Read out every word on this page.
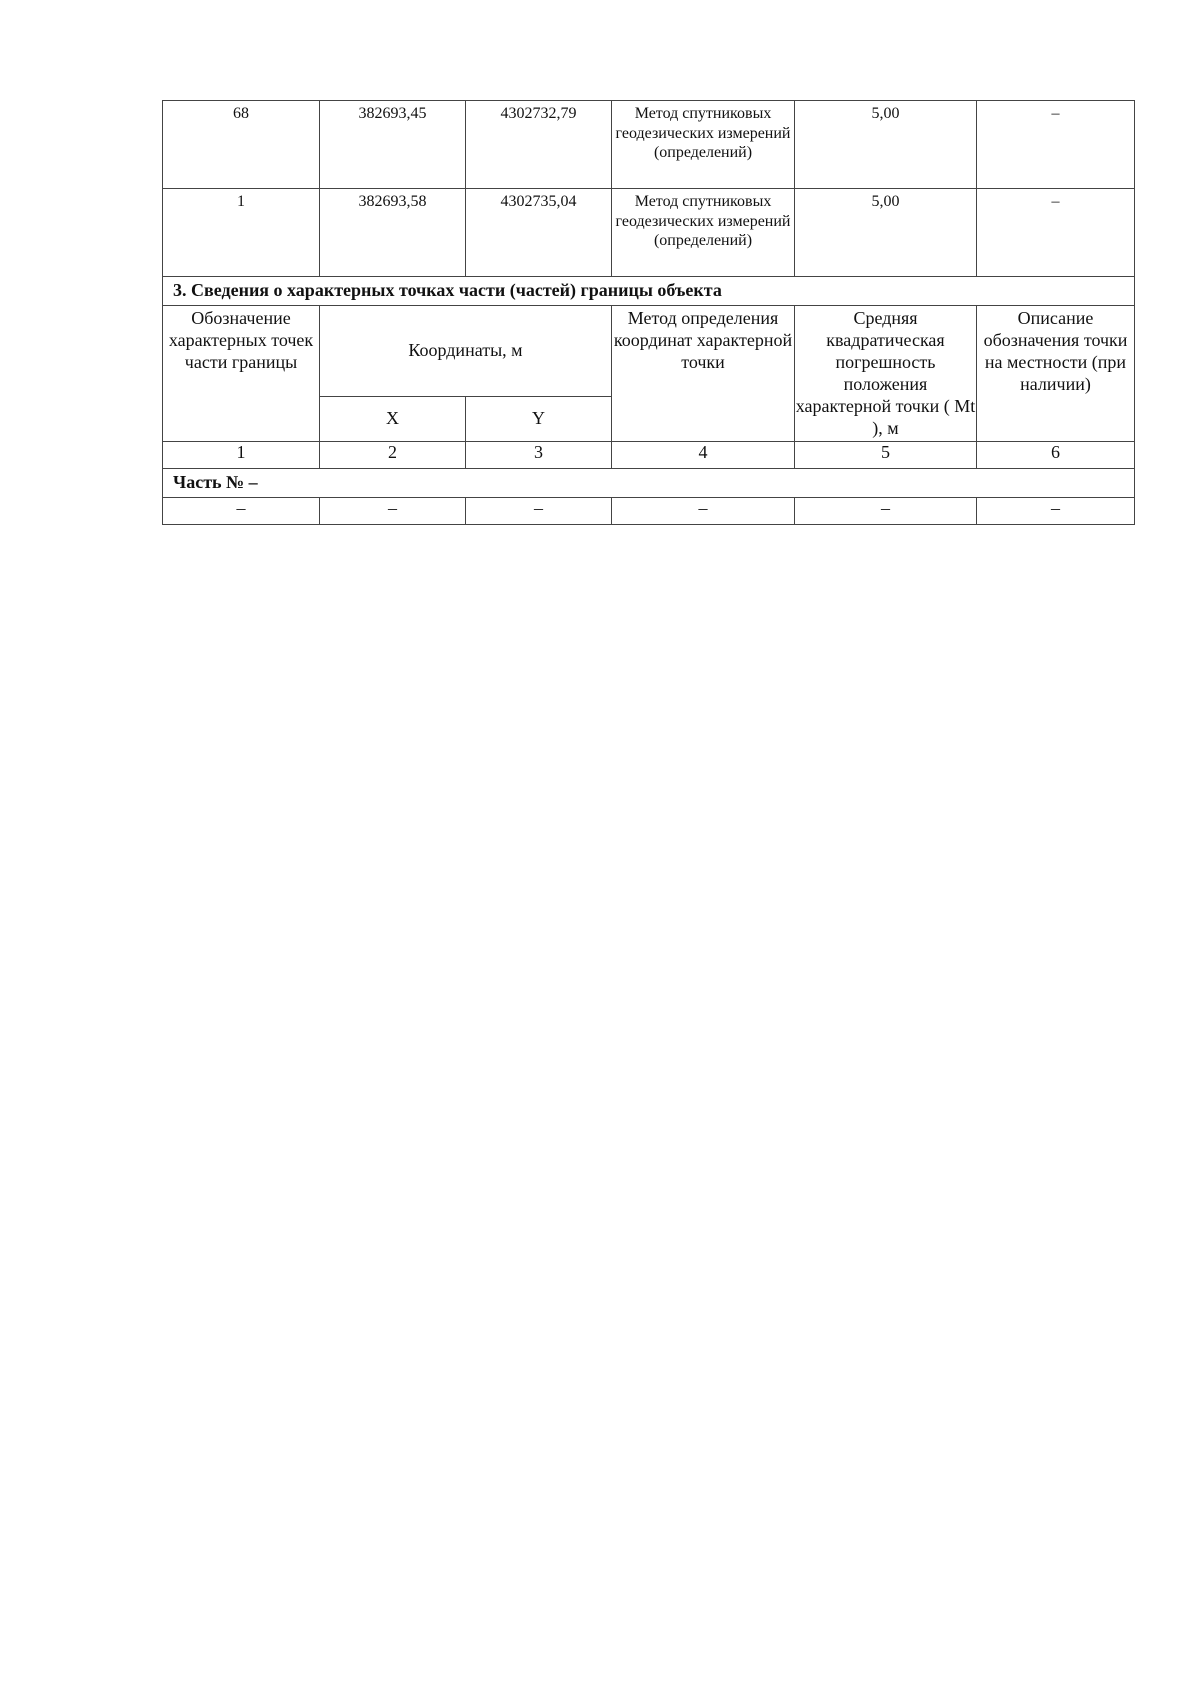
68	382693,45	4302732,79	Метод спутниковых геодезических измерений (определений)	5,00	–
1	382693,58	4302735,04	Метод спутниковых геодезических измерений (определений)	5,00	–
3. Сведения о характерных точках части (частей) границы объекта					
Обозначение характерных точек части границы	Координаты, м		Метод определения координат характерной точки	Средняя квадратическая погрешность положения характерной точки ( Mt ), м	Описание обозначения точки на местности (при наличии)
	X	Y			
1	2	3	4	5	6
Часть № –					
–	–	–	–	–	–
